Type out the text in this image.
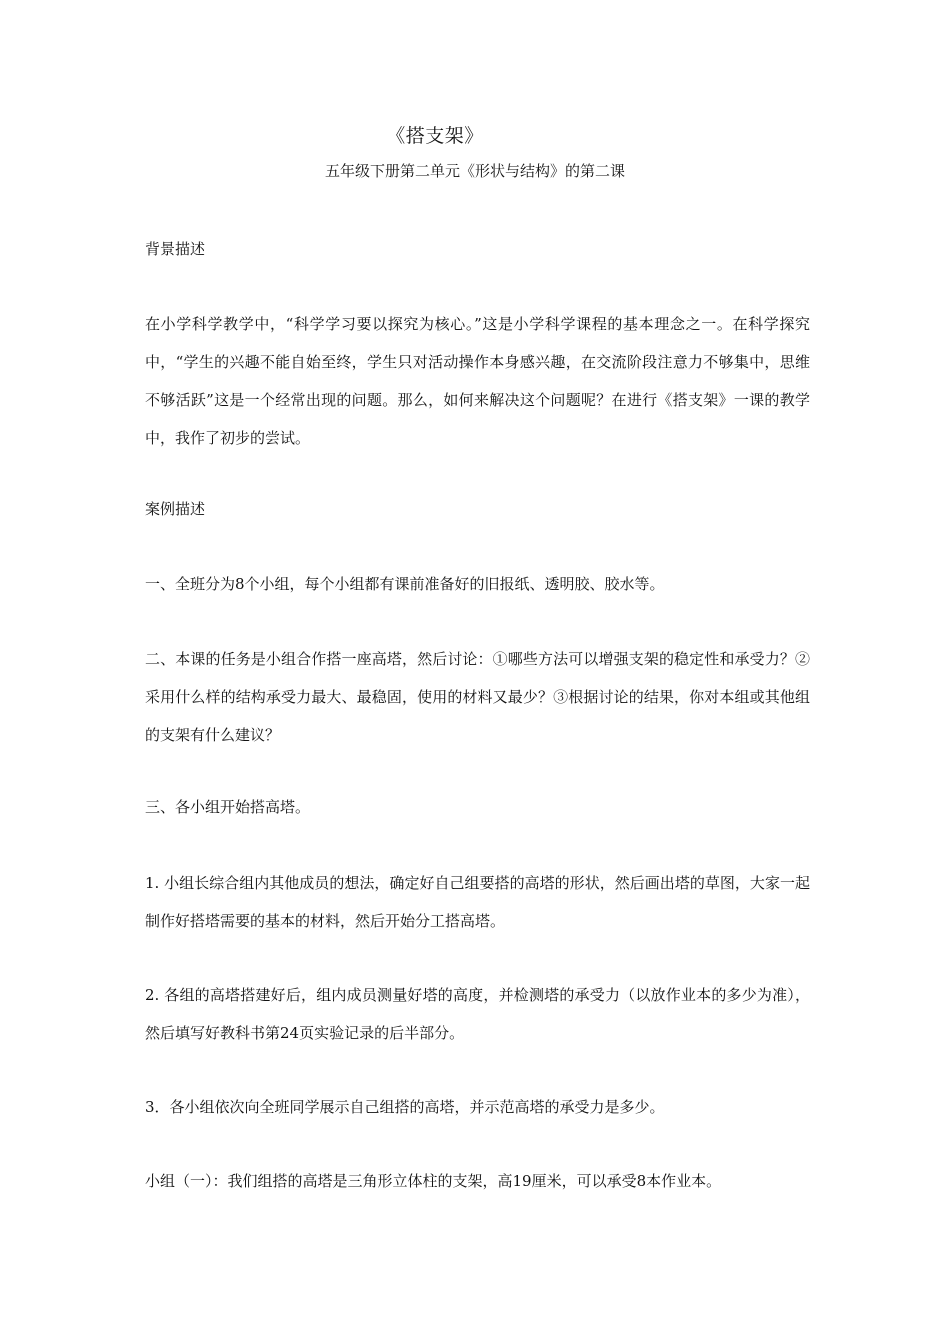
《搭支架》
五年级下册第二单元《形状与结构》的第二课

背景描述

在小学科学教学中，“科学学习要以探究为核心。”这是小学科学课程的基本理念之一。在科学探究中，“学生的兴趣不能自始至终，学生只对活动操作本身感兴趣，在交流阶段注意力不够集中，思维不够活跃”这是一个经常出现的问题。那么，如何来解决这个问题呢？在进行《搭支架》一课的教学中，我作了初步的尝试。

案例描述

一、全班分为8个小组，每个小组都有课前准备好的旧报纸、透明胶、胶水等。

二、本课的任务是小组合作搭一座高塔，然后讨论：①哪些方法可以增强支架的稳定性和承受力？②采用什么样的结构承受力最大、最稳固，使用的材料又最少？③根据讨论的结果，你对本组或其他组的支架有什么建议？

三、各小组开始搭高塔。

1. 小组长综合组内其他成员的想法，确定好自己组要搭的高塔的形状，然后画出塔的草图，大家一起制作好搭塔需要的基本的材料，然后开始分工搭高塔。

2. 各组的高塔搭建好后，组内成员测量好塔的高度，并检测塔的承受力（以放作业本的多少为准），然后填写好教科书第24页实验记录的后半部分。

3．各小组依次向全班同学展示自己组搭的高塔，并示范高塔的承受力是多少。

小组（一）：我们组搭的高塔是三角形立体柱的支架，高19厘米，可以承受8本作业本。
